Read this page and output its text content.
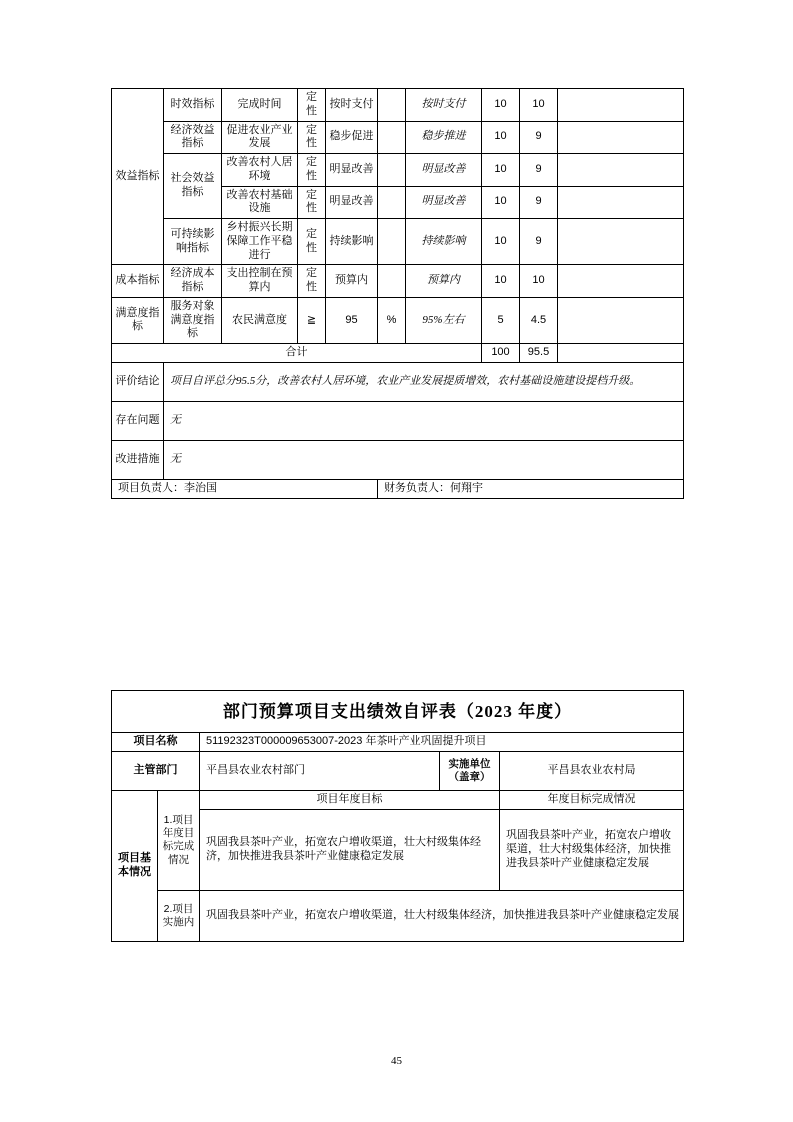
效益指标	时效指标	完成时间	定性	按时支付		按时支付	10	10	
	经济效益指标	促进农业产业发展	定性	稳步促进		稳步推进	10	9	
	社会效益指标	改善农村人居环境	定性	明显改善		明显改善	10	9	
		改善农村基础设施	定性	明显改善		明显改善	10	9	
	可持续影响指标	乡村振兴长期保障工作平稳进行	定性	持续影响		持续影响	10	9	
成本指标	经济成本指标	支出控制在预算内	定性	预算内		预算内	10	10	
满意度指标	服务对象满意度指标	农民满意度	≧	95	%	95%左右	5	4.5	
合计							100	95.5	
评价结论	项目自评总分95.5分，改善农村人居环境，农业产业发展提质增效，农村基础设施建设提档升级。								
存在问题	无								
改进措施	无								
项目负责人：李治国					财务负责人：何翔宇				
部门预算项目支出绩效自评表（2023 年度）				
项目名称		51192323T000009653007-2023 年茶叶产业巩固提升项目		
主管部门		平昌县农业农村部门	实施单位（盖章）	平昌县农业农村局
项目基本情况	1.项目年度目标完成情况	项目年度目标		年度目标完成情况
		巩固我县茶叶产业，拓宽农户增收渠道，壮大村级集体经济，加快推进我县茶叶产业健康稳定发展		巩固我县茶叶产业，拓宽农户增收渠道，壮大村级集体经济，加快推进我县茶叶产业健康稳定发展
	2.项目实施内	巩固我县茶叶产业，拓宽农户增收渠道，壮大村级集体经济，加快推进我县茶叶产业健康稳定发展		
45
